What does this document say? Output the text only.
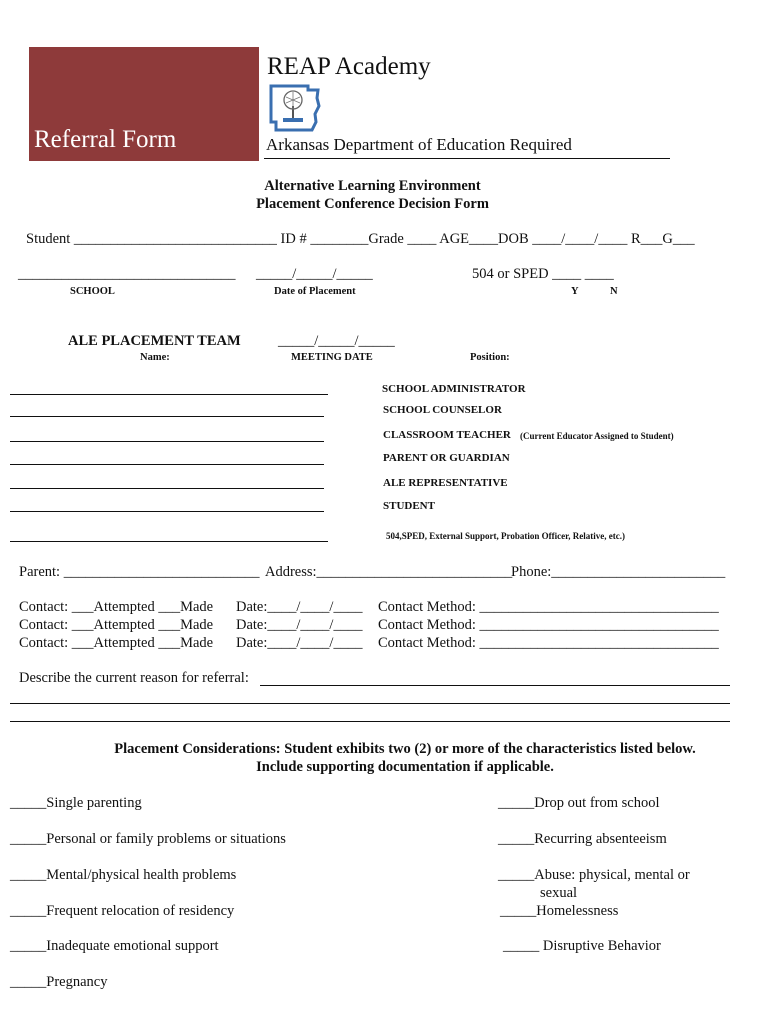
Referral Form
REAP Academy
Arkansas Department of Education Required
Alternative Learning Environment
Placement Conference Decision Form
Student ____________________________ ID # ________Grade ____ AGE____DOB ____/____/____ R___G___
______________________________ _____/_____/_____	504 or SPED ____ ____
SCHOOL	Date of Placement	Y	N
ALE PLACEMENT TEAM	_____/_____/_____
Name:	MEETING DATE	Position:
SCHOOL ADMINISTRATOR
SCHOOL COUNSELOR
CLASSROOM TEACHER (Current Educator Assigned to Student)
PARENT OR GUARDIAN
ALE REPRESENTATIVE
STUDENT
504,SPED, External Support, Probation Officer, Relative, etc.)
Parent: ___________________________ Address:___________________________
Phone:________________________
Contact: ___Attempted ___Made Date:____/____/____ Contact Method: _________________________________
Contact: ___Attempted ___Made Date:____/____/____ Contact Method: _________________________________
Contact: ___Attempted ___Made Date:____/____/____ Contact Method: _________________________________
Describe the current reason for referral:
Placement Considerations: Student exhibits two (2) or more of the characteristics listed below.
Include supporting documentation if applicable.
_____Single parenting
_____Personal or family problems or situations
_____Mental/physical health problems
_____Frequent relocation of residency
_____Inadequate emotional support
_____Pregnancy
_____Drop out from school
_____Recurring absenteeism
_____Abuse: physical, mental or
sexual
_____Homelessness
_____ Disruptive Behavior
